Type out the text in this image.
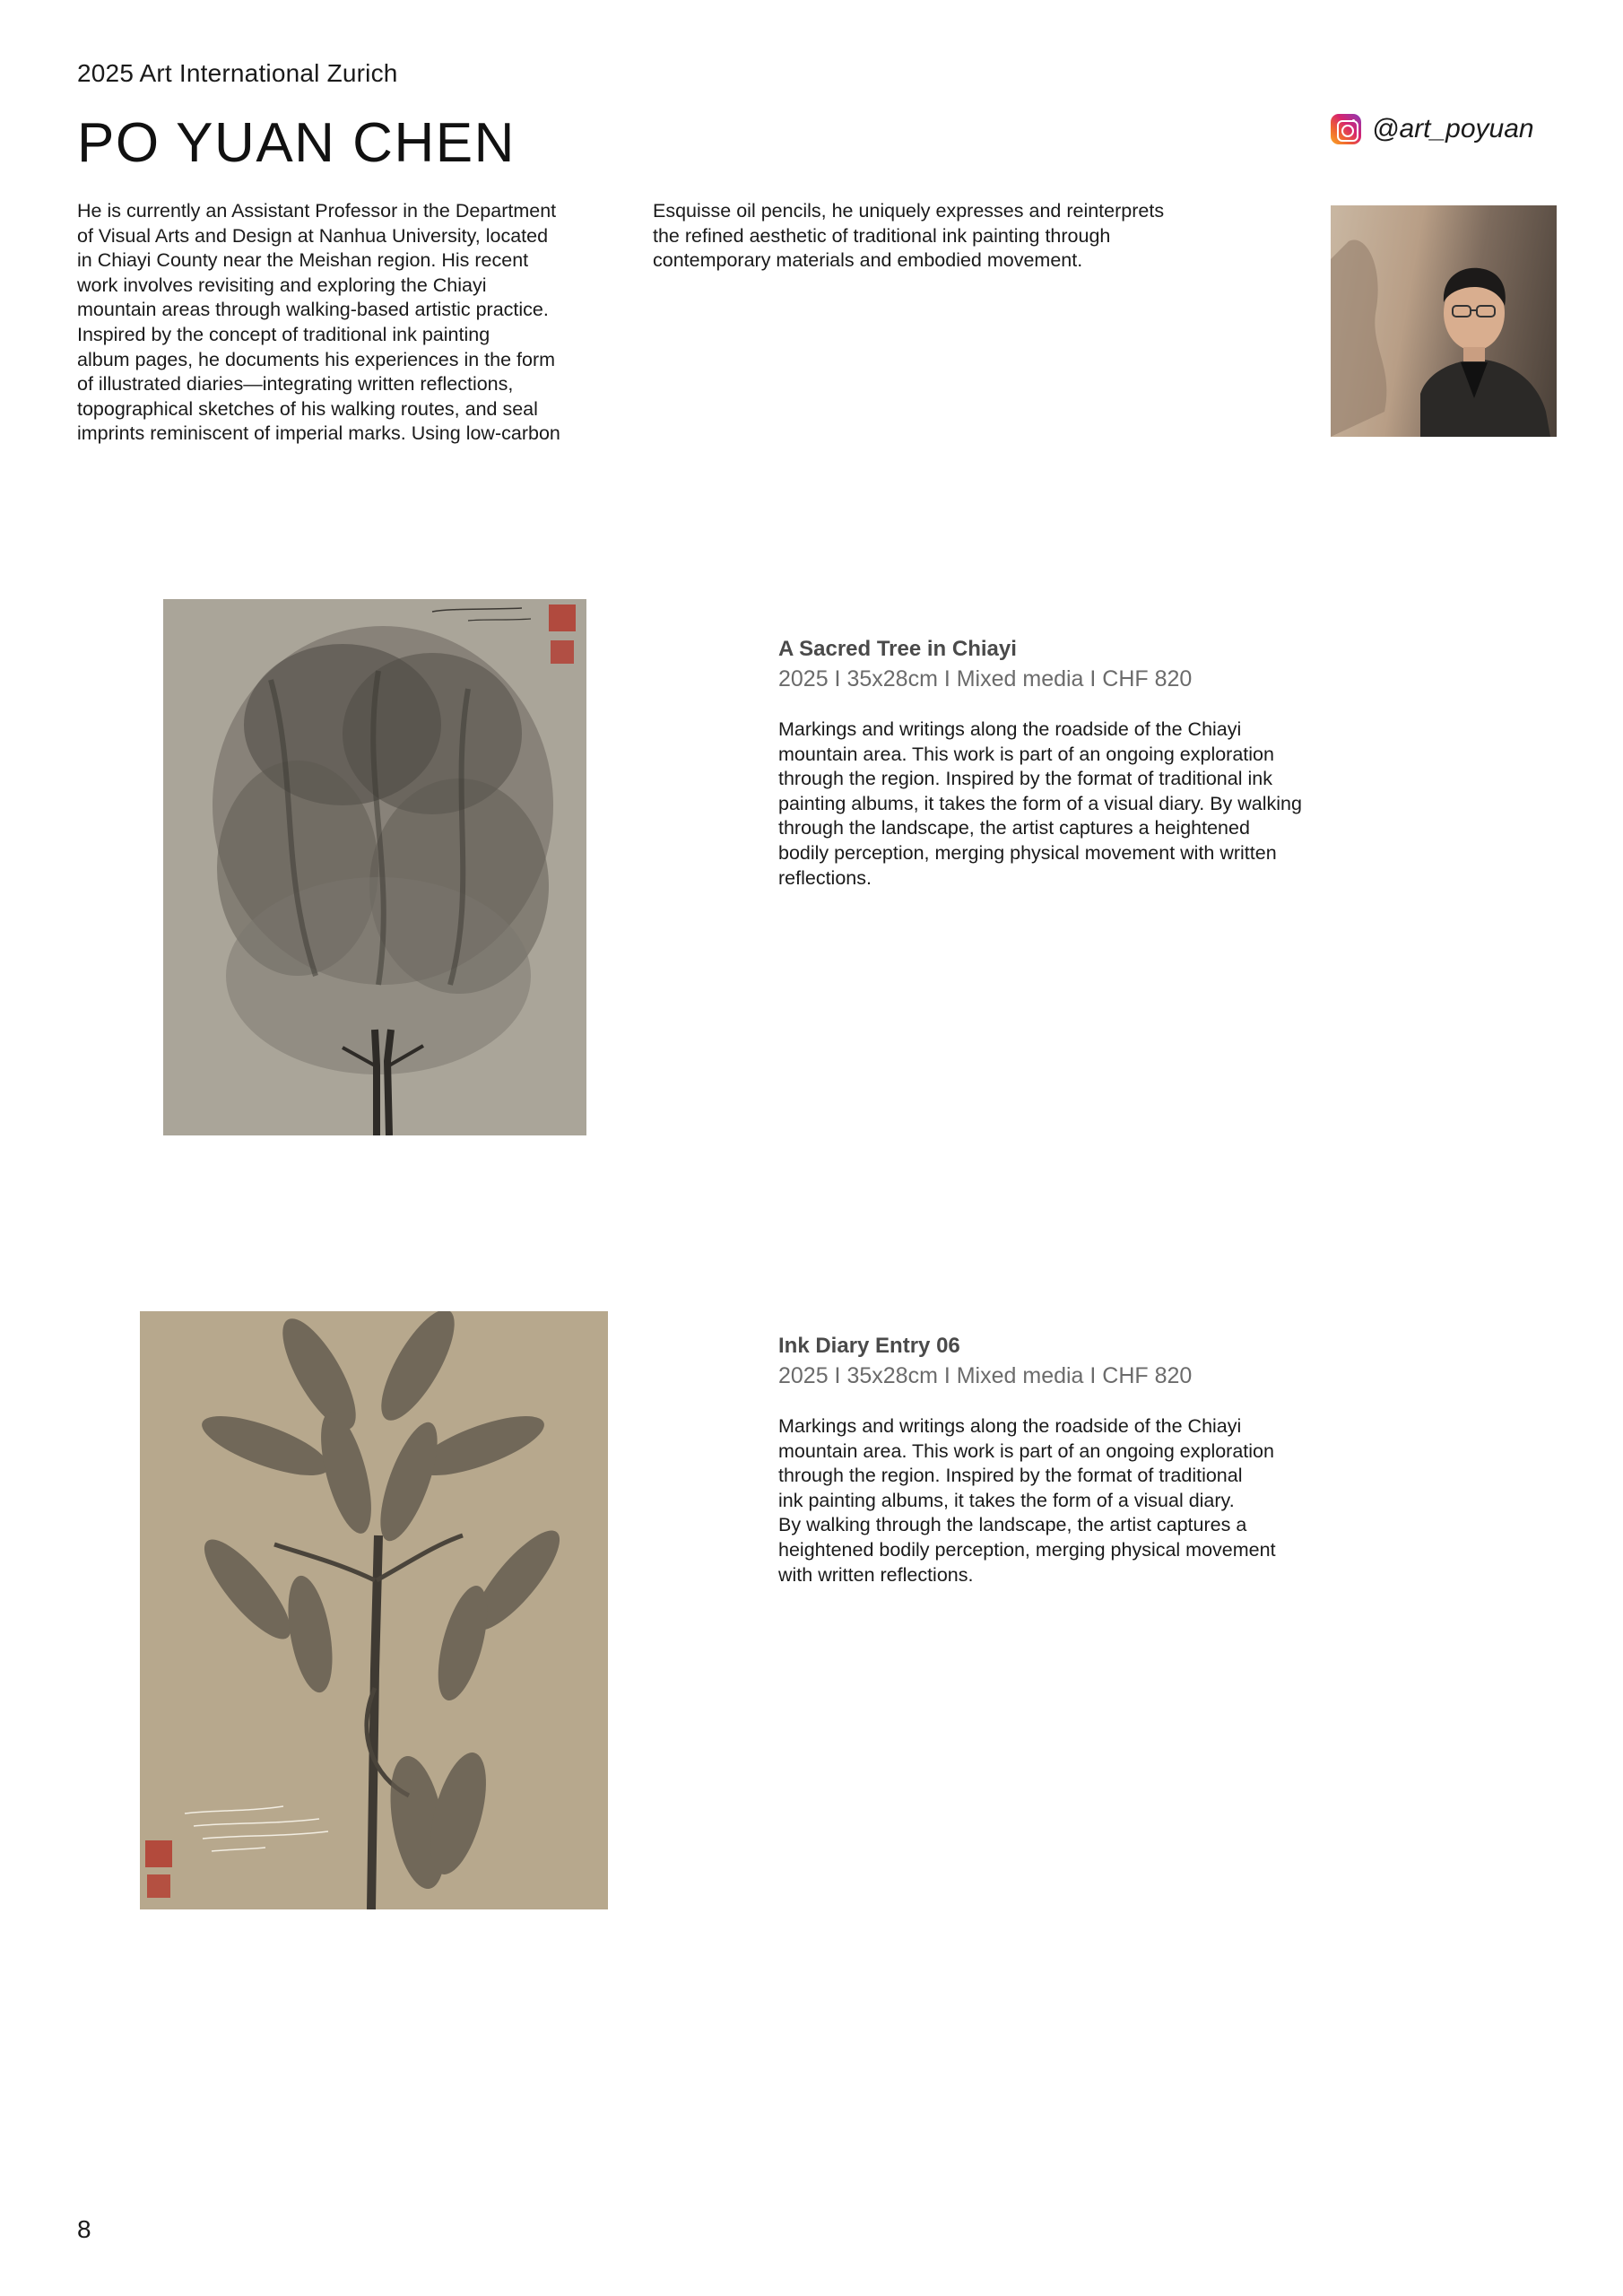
2025 Art International Zurich
PO YUAN CHEN	@art_poyuan
He is currently an Assistant Professor in the Department
of Visual Arts and Design at Nanhua University, located
in Chiayi County near the Meishan region. His recent
work involves revisiting and exploring the Chiayi
mountain areas through walking-based artistic practice.
Inspired by the concept of traditional ink painting
album pages, he documents his experiences in the form
of illustrated diaries—integrating written reflections,
topographical sketches of his walking routes, and seal
imprints reminiscent of imperial marks. Using low-carbon
Esquisse oil pencils, he uniquely expresses and reinterprets
the refined aesthetic of traditional ink painting through
contemporary materials and embodied movement.
A Sacred Tree in Chiayi
2025 I 35x28cm I Mixed media I CHF 820
Markings and writings along the roadside of the Chiayi
mountain area. This work is part of an ongoing exploration
through the region. Inspired by the format of traditional ink
painting albums, it takes the form of a visual diary. By walking
through the landscape, the artist captures a heightened
bodily perception, merging physical movement with written
reflections.
Ink Diary Entry 06
2025 I 35x28cm I Mixed media I CHF 820
Markings and writings along the roadside of the Chiayi
mountain area. This work is part of an ongoing exploration
through the region. Inspired by the format of traditional
ink painting albums, it takes the form of a visual diary.
By walking through the landscape, the artist captures a
heightened bodily perception, merging physical movement
with written reflections.
8
